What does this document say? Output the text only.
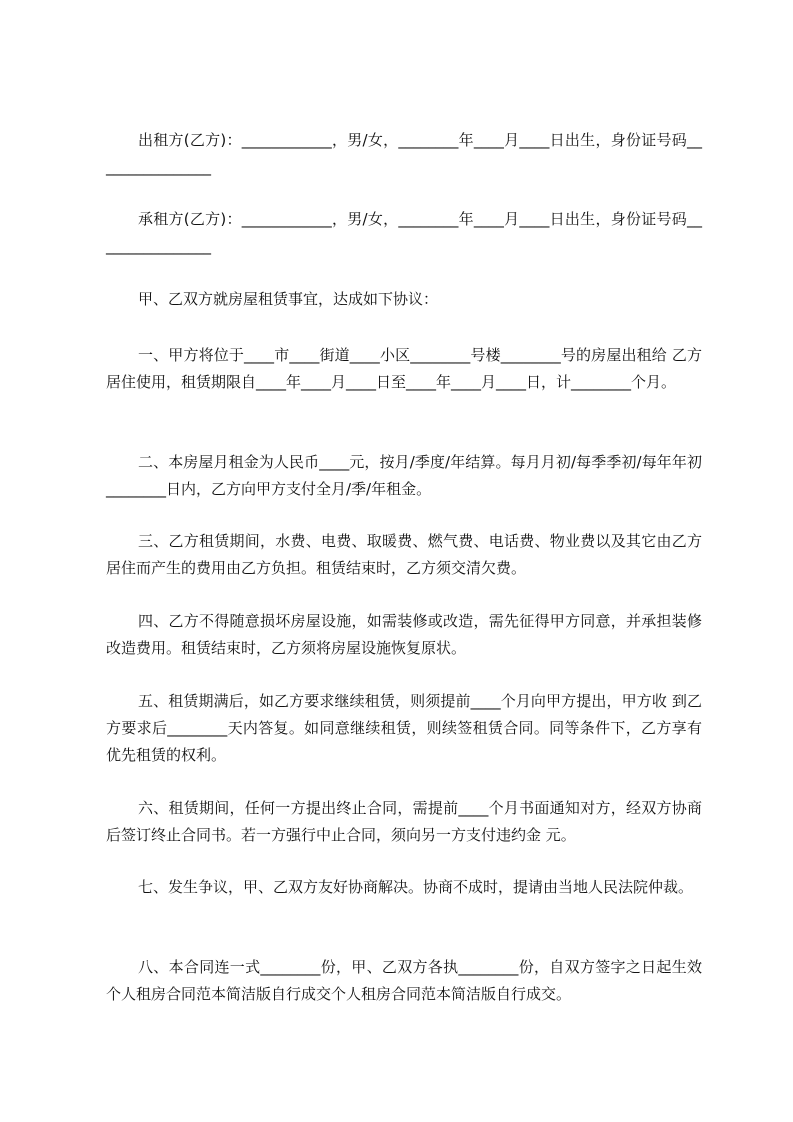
出租方(乙方)：____________，男/女，________年____月____日出生，身份证号码________________

承租方(乙方)：____________，男/女，________年____月____日出生，身份证号码________________

甲、乙双方就房屋租赁事宜，达成如下协议：

一、甲方将位于____市____街道____小区________号楼________号的房屋出租给 乙方居住使用，租赁期限自____年____月____日至____年____月____日，计________个月。

二、本房屋月租金为人民币____元，按月/季度/年结算。每月月初/每季季初/每年年初________日内，乙方向甲方支付全月/季/年租金。

三、乙方租赁期间，水费、电费、取暖费、燃气费、电话费、物业费以及其它由乙方居住而产生的费用由乙方负担。租赁结束时，乙方须交清欠费。

四、乙方不得随意损坏房屋设施，如需装修或改造，需先征得甲方同意，并承担装修改造费用。租赁结束时，乙方须将房屋设施恢复原状。

五、租赁期满后，如乙方要求继续租赁，则须提前____个月向甲方提出，甲方收 到乙方要求后________天内答复。如同意继续租赁，则续签租赁合同。同等条件下，乙方享有优先租赁的权利。

六、租赁期间，任何一方提出终止合同，需提前____个月书面通知对方，经双方协商后签订终止合同书。若一方强行中止合同，须向另一方支付违约金 元。

七、发生争议，甲、乙双方友好协商解决。协商不成时，提请由当地人民法院仲裁。

八、本合同连一式________份，甲、乙双方各执________份，自双方签字之日起生效个人租房合同范本简洁版自行成交个人租房合同范本简洁版自行成交。
